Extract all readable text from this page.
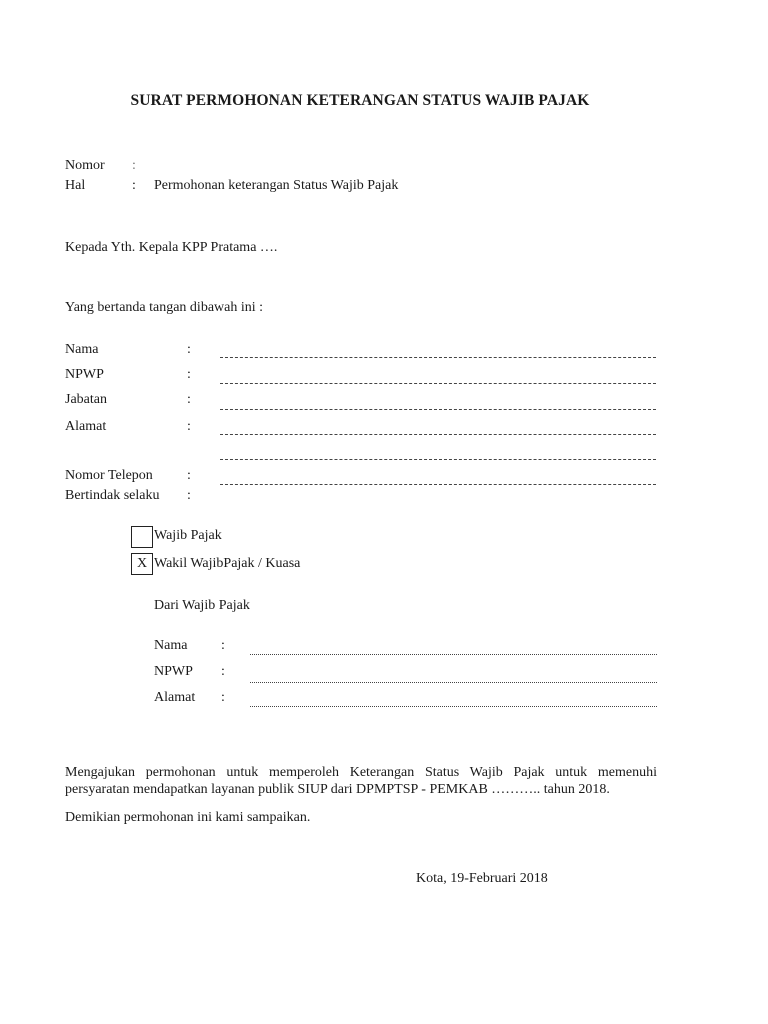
SURAT PERMOHONAN KETERANGAN STATUS WAJIB PAJAK
Nomor :
Hal	: Permohonan keterangan Status Wajib Pajak
Kepada Yth. Kepala KPP Pratama ….
Yang bertanda tangan dibawah ini :
Nama	:
NPWP	:
Jabatan	:
Alamat	:
Nomor Telepon :
Bertindak selaku :
Wajib Pajak
X Wakil WajibPajak / Kuasa
Dari Wajib Pajak
Nama :
NPWP :
Alamat :
Mengajukan permohonan untuk memperoleh Keterangan Status Wajib Pajak untuk memenuhi
persyaratan mendapatkan layanan publik SIUP dari DPMPTSP - PEMKAB ……….. tahun 2018.
Demikian permohonan ini kami sampaikan.
Kota, 19-Februari 2018
